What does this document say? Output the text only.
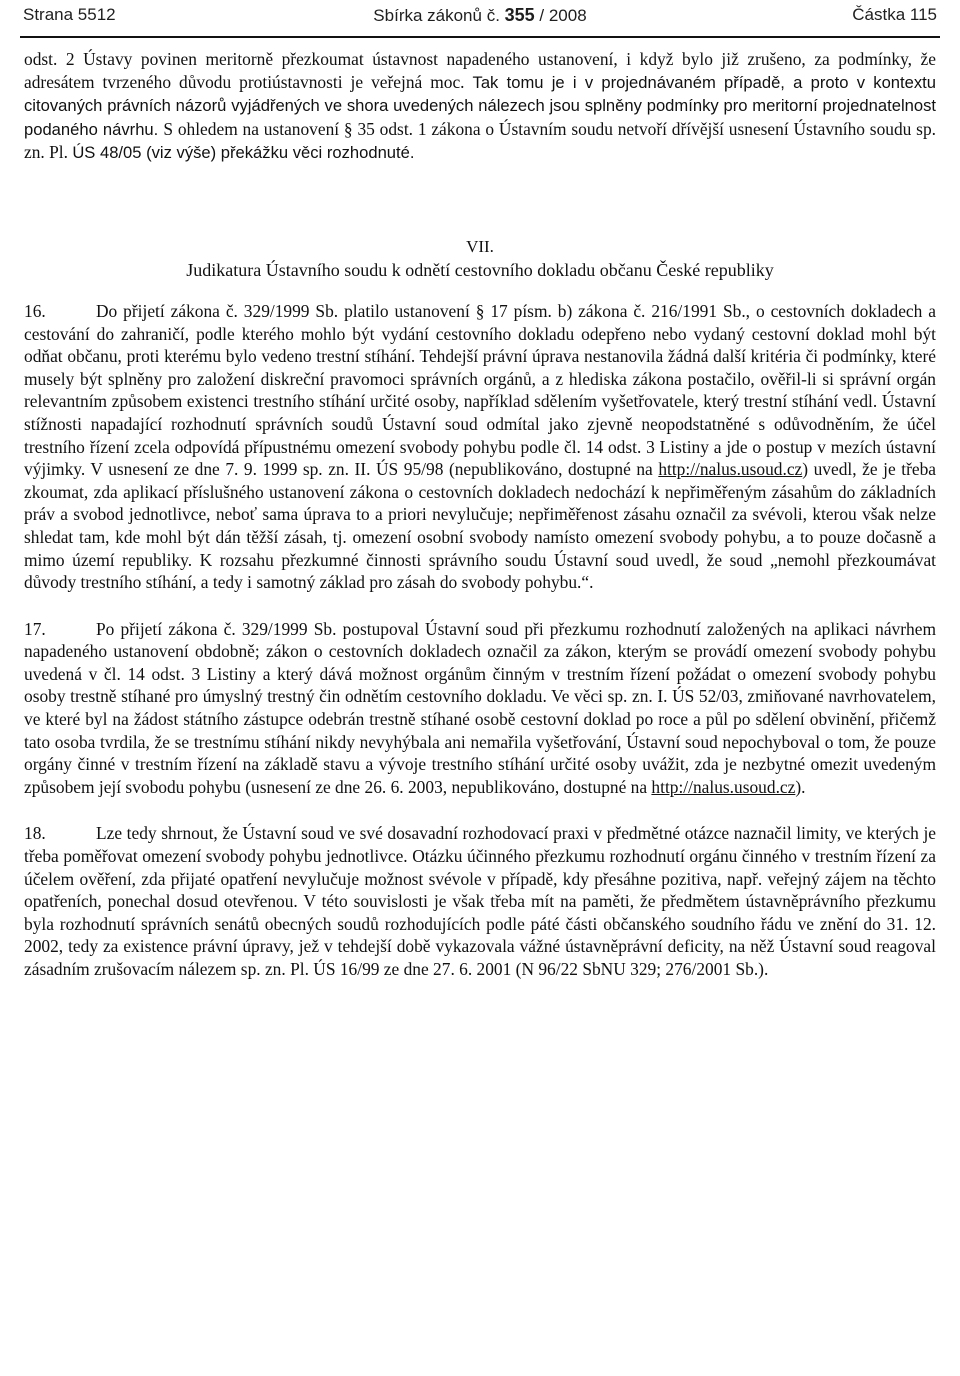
Strana 5512	Sbírka zákonů č. 355 / 2008	Částka 115

odst. 2 Ústavy povinen meritorně přezkoumat ústavnost napadeného ustanovení, i když bylo již zrušeno, za podmínky, že adresátem tvrzeného důvodu protiústavnosti je veřejná moc. Tak tomu je i v projednávaném případě, a proto v kontextu citovaných právních názorů vyjádřených ve shora uvedených nálezech jsou splněny podmínky pro meritorní projednatelnost podaného návrhu. S ohledem na ustanovení § 35 odst. 1 zákona o Ústavním soudu netvoří dřívější usnesení Ústavního soudu sp. zn. Pl. ÚS 48/05 (viz výše) překážku věci rozhodnuté.

VII.

Judikatura Ústavního soudu k odnětí cestovního dokladu občanu České republiky

16.	Do přijetí zákona č. 329/1999 Sb. platilo ustanovení § 17 písm. b) zákona č. 216/1991 Sb., o cestovních dokladech a cestování do zahraničí, podle kterého mohlo být vydání cestovního dokladu odepřeno nebo vydaný cestovní doklad mohl být odňat občanu, proti kterému bylo vedeno trestní stíhání. Tehdejší právní úprava nestanovila žádná další kritéria či podmínky, které musely být splněny pro založení diskreční pravomoci správních orgánů, a z hlediska zákona postačilo, ověřil-li si správní orgán relevantním způsobem existenci trestního stíhání určité osoby, například sdělením vyšetřovatele, který trestní stíhání vedl. Ústavní stížnosti napadající rozhodnutí správních soudů Ústavní soud odmítal jako zjevně neopodstatněné s odůvodněním, že účel trestního řízení zcela odpovídá přípustnému omezení svobody pohybu podle čl. 14 odst. 3 Listiny a jde o postup v mezích ústavní výjimky. V usnesení ze dne 7. 9. 1999 sp. zn. II. ÚS 95/98 (nepublikováno, dostupné na http://nalus.usoud.cz) uvedl, že je třeba zkoumat, zda aplikací příslušného ustanovení zákona o cestovních dokladech nedochází k nepřiměřeným zásahům do základních práv a svobod jednotlivce, neboť sama úprava to a priori nevylučuje; nepřiměřenost zásahu označil za svévoli, kterou však nelze shledat tam, kde mohl být dán těžší zásah, tj. omezení osobní svobody namísto omezení svobody pohybu, a to pouze dočasně a mimo území republiky. K rozsahu přezkumné činnosti správního soudu Ústavní soud uvedl, že soud „nemohl přezkoumávat důvody trestního stíhání, a tedy i samotný základ pro zásah do svobody pohybu.“.

17.	Po přijetí zákona č. 329/1999 Sb. postupoval Ústavní soud při přezkumu rozhodnutí založených na aplikaci návrhem napadeného ustanovení obdobně; zákon o cestovních dokladech označil za zákon, kterým se provádí omezení svobody pohybu uvedená v čl. 14 odst. 3 Listiny a který dává možnost orgánům činným v trestním řízení požádat o omezení svobody pohybu osoby trestně stíhané pro úmyslný trestný čin odnětím cestovního dokladu. Ve věci sp. zn. I. ÚS 52/03, zmiňované navrhovatelem, ve které byl na žádost státního zástupce odebrán trestně stíhané osobě cestovní doklad po roce a půl po sdělení obvinění, přičemž tato osoba tvrdila, že se trestnímu stíhání nikdy nevyhýbala ani nemařila vyšetřování, Ústavní soud nepochyboval o tom, že pouze orgány činné v trestním řízení na základě stavu a vývoje trestního stíhání určité osoby uvážit, zda je nezbytné omezit uvedeným způsobem její svobodu pohybu (usnesení ze dne 26. 6. 2003, nepublikováno, dostupné na http://nalus.usoud.cz).

18.	Lze tedy shrnout, že Ústavní soud ve své dosavadní rozhodovací praxi v předmětné otázce naznačil limity, ve kterých je třeba poměřovat omezení svobody pohybu jednotlivce. Otázku účinného přezkumu rozhodnutí orgánu činného v trestním řízení za účelem ověření, zda přijaté opatření nevylučuje možnost svévole v případě, kdy přesáhne pozitiva, např. veřejný zájem na těchto opatřeních, ponechal dosud otevřenou. V této souvislosti je však třeba mít na paměti, že předmětem ústavněprávního přezkumu byla rozhodnutí správních senátů obecných soudů rozhodujících podle páté části občanského soudního řádu ve znění do 31. 12. 2002, tedy za existence právní úpravy, jež v tehdejší době vykazovala vážné ústavněprávní deficity, na něž Ústavní soud reagoval zásadním zrušovacím nálezem sp. zn. Pl. ÚS 16/99 ze dne 27. 6. 2001 (N 96/22 SbNU 329; 276/2001 Sb.).
